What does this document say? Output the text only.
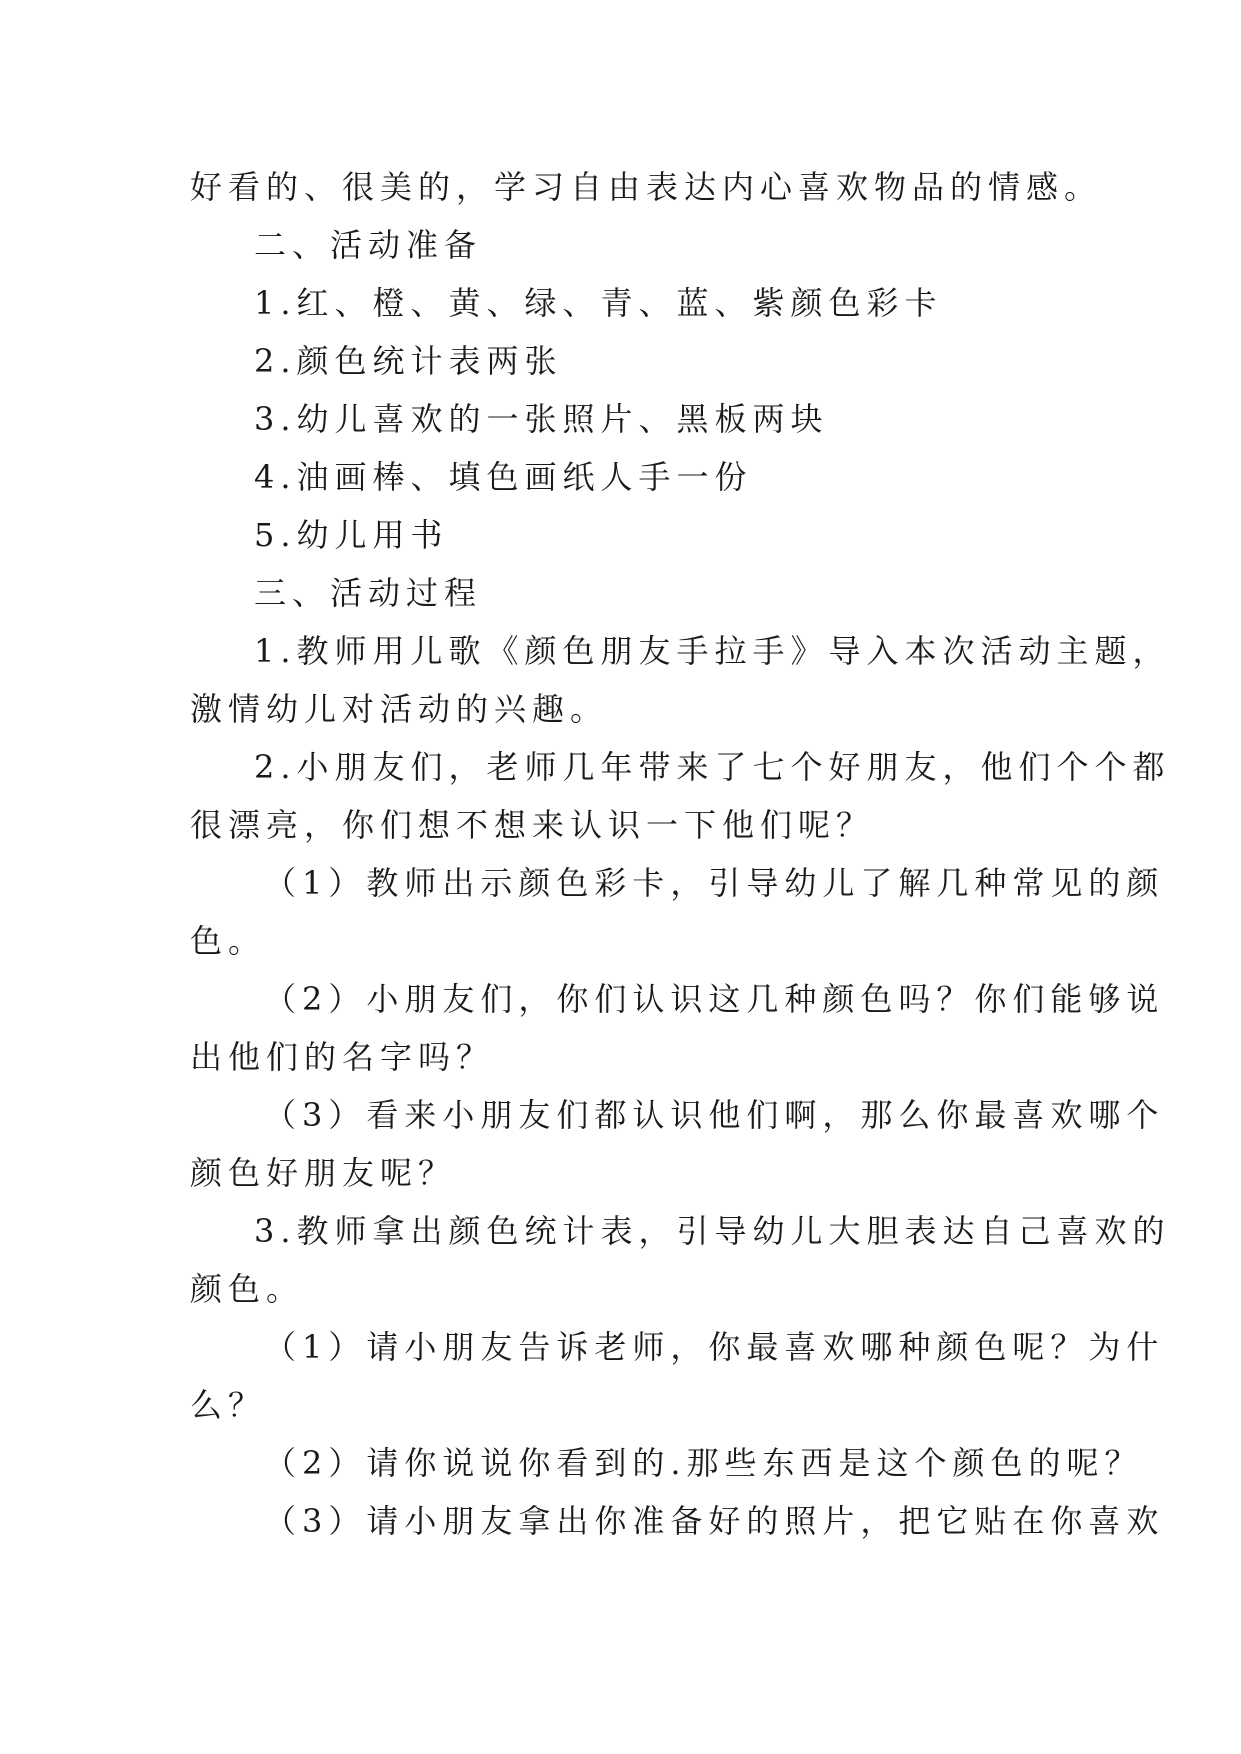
好看的、很美的，学习自由表达内心喜欢物品的情感。
二、活动准备
1.红、橙、黄、绿、青、蓝、紫颜色彩卡
2.颜色统计表两张
3.幼儿喜欢的一张照片、黑板两块
4.油画棒、填色画纸人手一份
5.幼儿用书
三、活动过程
1.教师用儿歌《颜色朋友手拉手》导入本次活动主题，
激情幼儿对活动的兴趣。
2.小朋友们，老师几年带来了七个好朋友，他们个个都
很漂亮，你们想不想来认识一下他们呢？
（1）教师出示颜色彩卡，引导幼儿了解几种常见的颜
色。
（2）小朋友们，你们认识这几种颜色吗？你们能够说
出他们的名字吗？
（3）看来小朋友们都认识他们啊，那么你最喜欢哪个
颜色好朋友呢？
3.教师拿出颜色统计表，引导幼儿大胆表达自己喜欢的
颜色。
（1）请小朋友告诉老师，你最喜欢哪种颜色呢？为什
么？
（2）请你说说你看到的.那些东西是这个颜色的呢？
（3）请小朋友拿出你准备好的照片，把它贴在你喜欢
